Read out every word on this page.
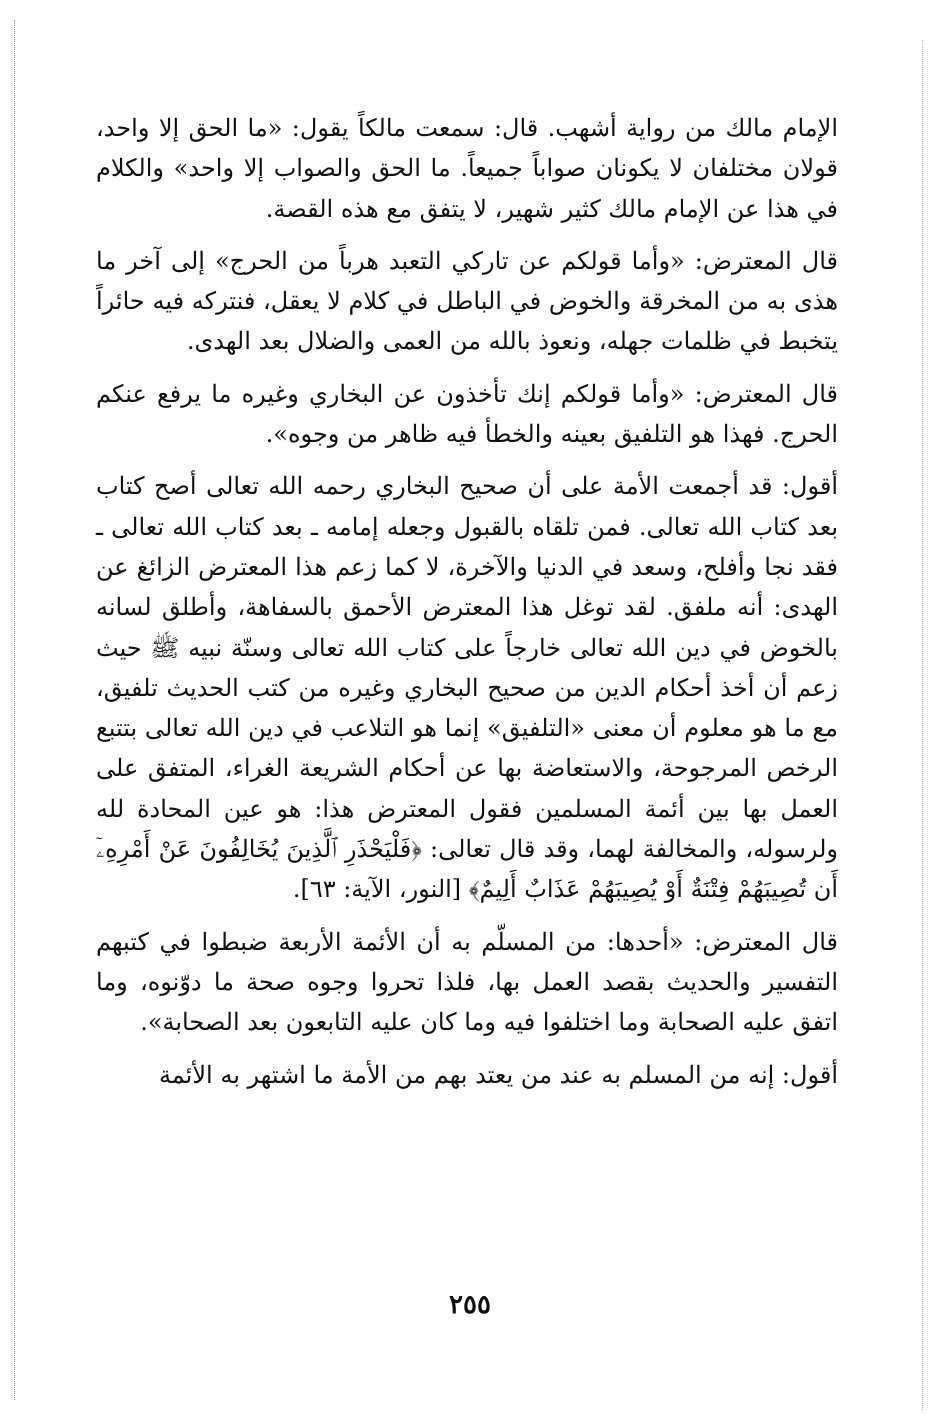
الإمام مالك من رواية أشهب. قال: سمعت مالكاً يقول: «ما الحق إلا واحد، قولان مختلفان لا يكونان صواباً جميعاً. ما الحق والصواب إلا واحد» والكلام في هذا عن الإمام مالك كثير شهير، لا يتفق مع هذه القصة.

قال المعترض: «وأما قولكم عن تاركي التعبد هرباً من الحرج» إلى آخر ما هذى به من المخرقة والخوض في الباطل في كلام لا يعقل، فنتركه فيه حائراً يتخبط في ظلمات جهله، ونعوذ بالله من العمى والضلال بعد الهدى.

قال المعترض: «وأما قولكم إنك تأخذون عن البخاري وغيره ما يرفع عنكم الحرج. فهذا هو التلفيق بعينه والخطأ فيه ظاهر من وجوه».

أقول: قد أجمعت الأمة على أن صحيح البخاري رحمه الله تعالى أصح كتاب بعد كتاب الله تعالى. فمن تلقاه بالقبول وجعله إمامه ـ بعد كتاب الله تعالى ـ فقد نجا وأفلح، وسعد في الدنيا والآخرة، لا كما زعم هذا المعترض الزائغ عن الهدى: أنه ملفق. لقد توغل هذا المعترض الأحمق بالسفاهة، وأطلق لسانه بالخوض في دين الله تعالى خارجاً على كتاب الله تعالى وسنّة نبيه ﷺ حيث زعم أن أخذ أحكام الدين من صحيح البخاري وغيره من كتب الحديث تلفيق، مع ما هو معلوم أن معنى «التلفيق» إنما هو التلاعب في دين الله تعالى بتتبع الرخص المرجوحة، والاستعاضة بها عن أحكام الشريعة الغراء، المتفق على العمل بها بين أئمة المسلمين فقول المعترض هذا: هو عين المحادة لله ولرسوله، والمخالفة لهما، وقد قال تعالى: ﴿فَلْيَحْذَرِ ٱلَّذِينَ يُخَالِفُونَ عَنْ أَمْرِهِۦٓ أَن تُصِيبَهُمْ فِتْنَةٌ أَوْ يُصِيبَهُمْ عَذَابٌ أَلِيمٌ﴾ [النور، الآية: ٦٣].

قال المعترض: «أحدها: من المسلّم به أن الأئمة الأربعة ضبطوا في كتبهم التفسير والحديث بقصد العمل بها، فلذا تحروا وجوه صحة ما دوّنوه، وما اتفق عليه الصحابة وما اختلفوا فيه وما كان عليه التابعون بعد الصحابة».

أقول: إنه من المسلم به عند من يعتد بهم من الأمة ما اشتهر به الأئمة

٢٥٥
